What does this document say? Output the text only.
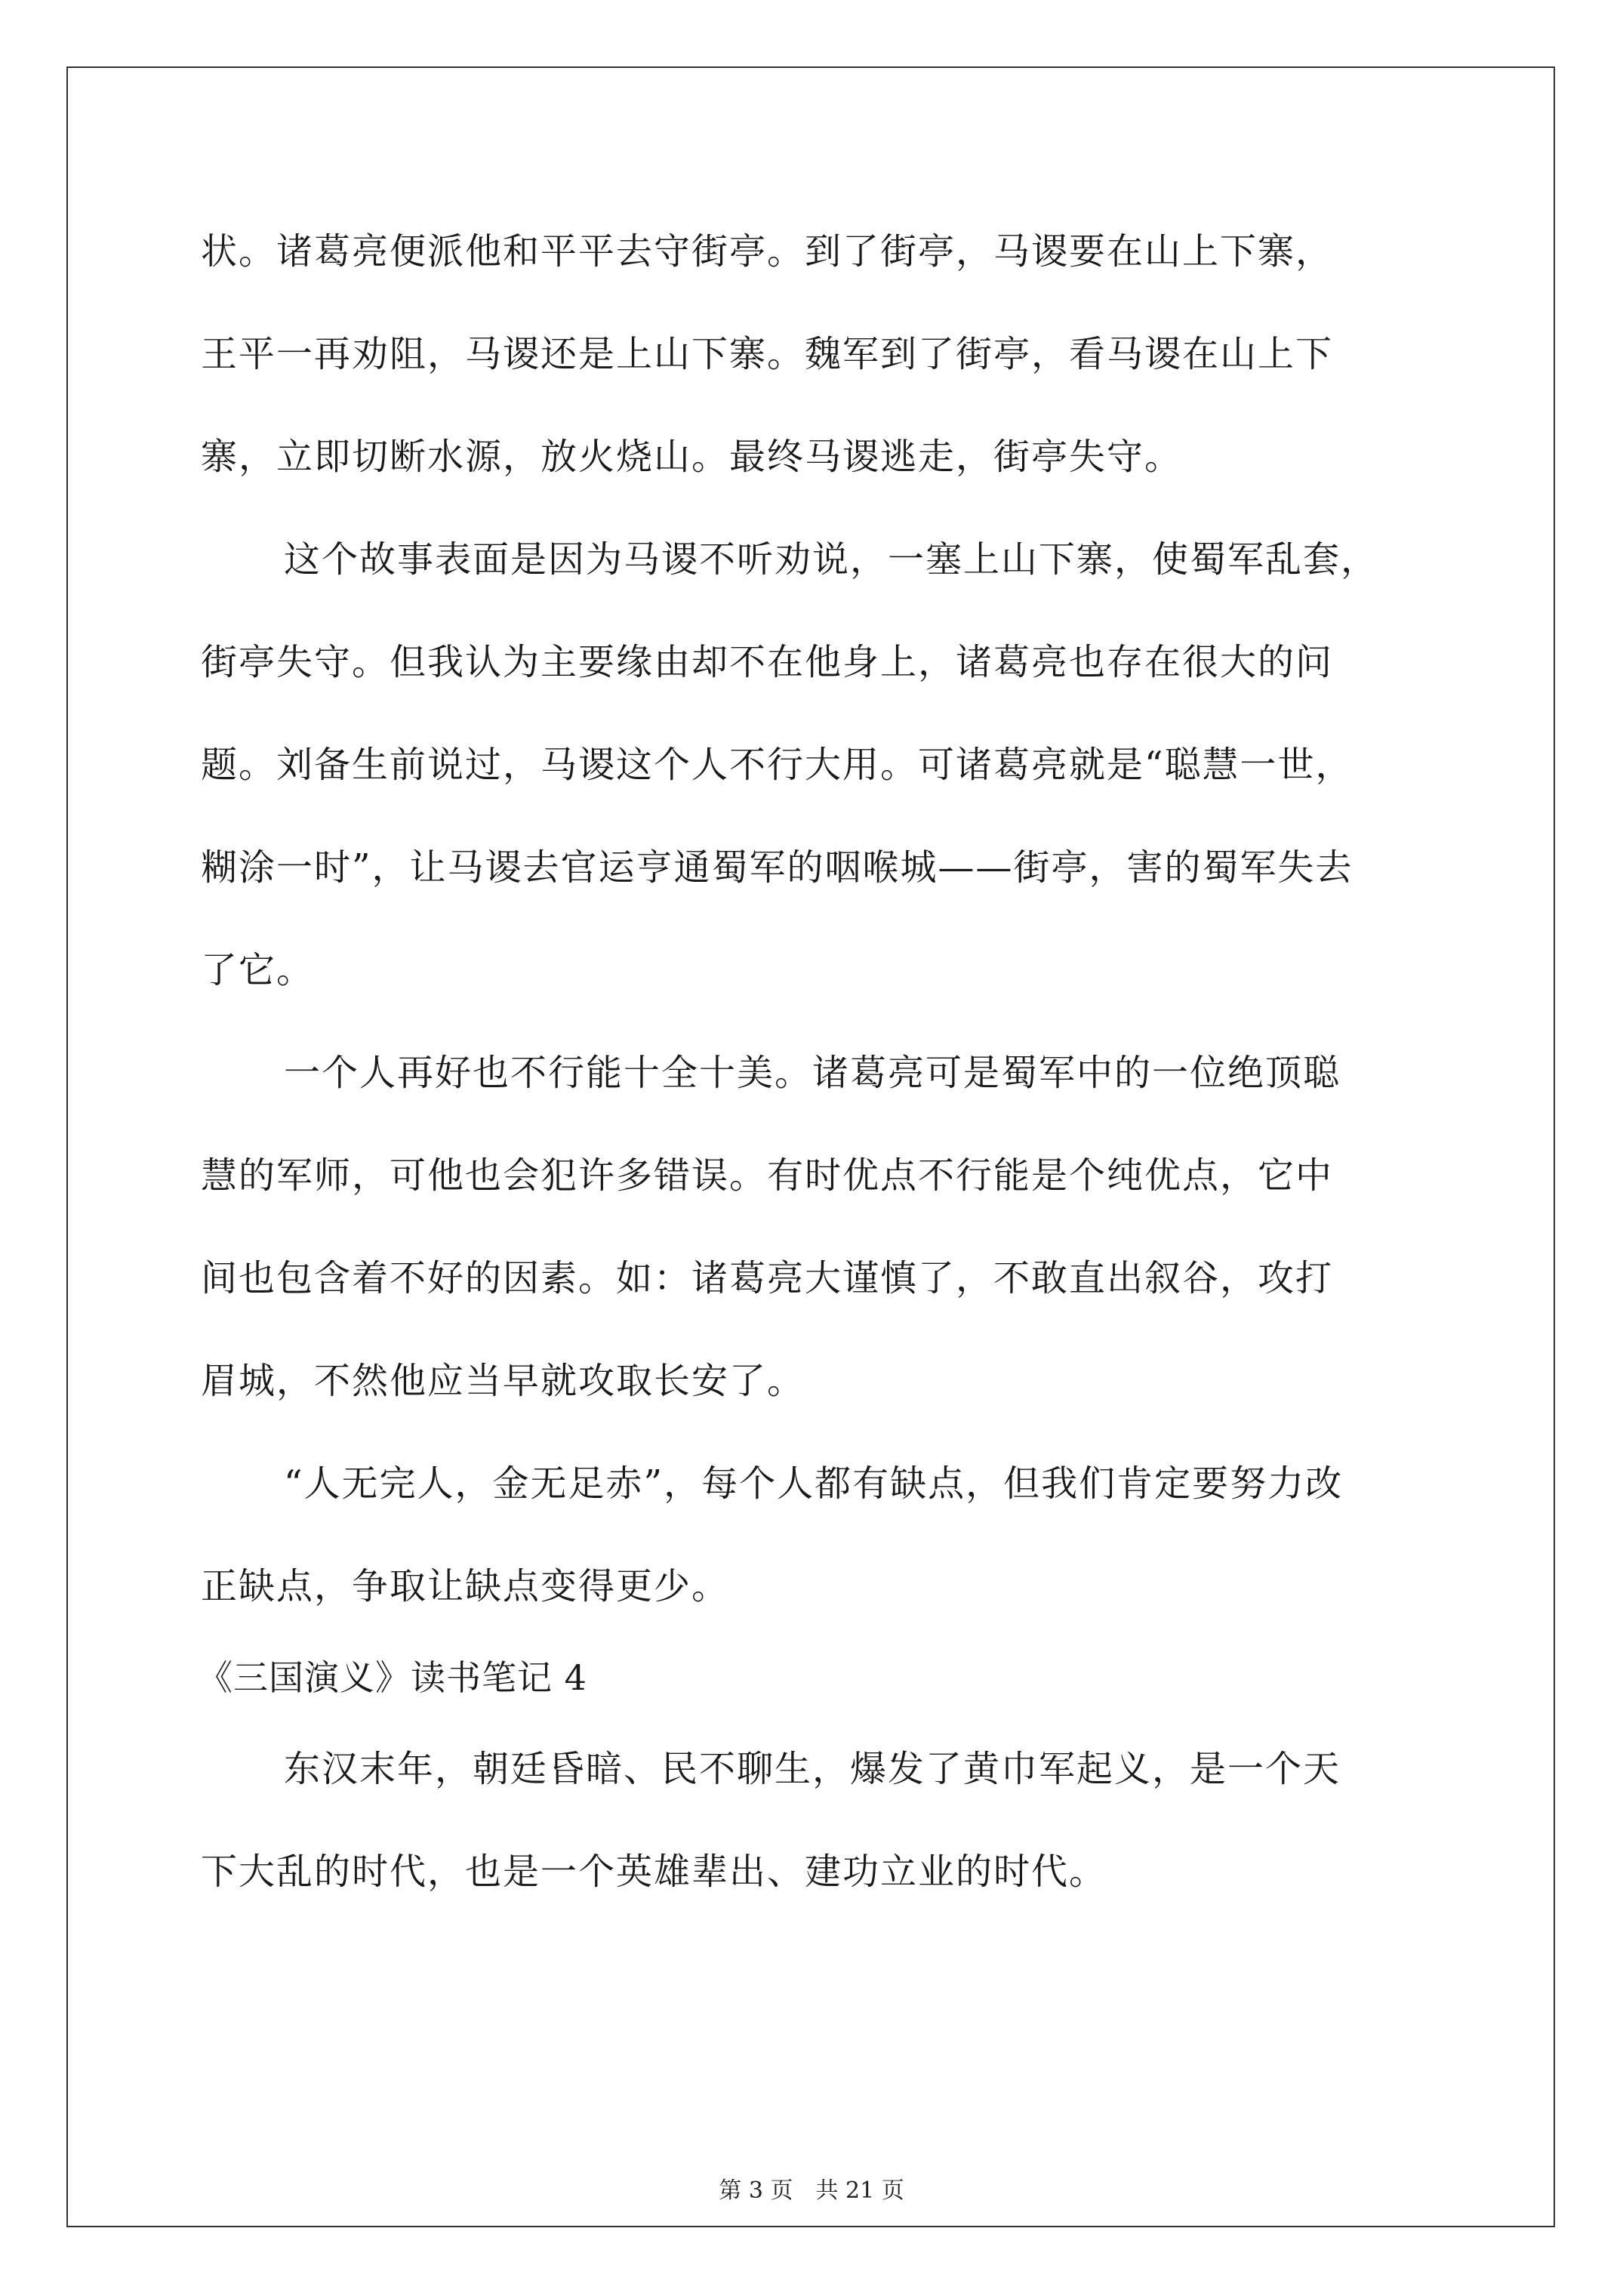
状。诸葛亮便派他和平平去守街亭。到了街亭，马谡要在山上下寨，
王平一再劝阻，马谡还是上山下寨。魏军到了街亭，看马谡在山上下
寨，立即切断水源，放火烧山。最终马谡逃走，街亭失守。
这个故事表面是因为马谡不听劝说，一塞上山下寨，使蜀军乱套，
街亭失守。但我认为主要缘由却不在他身上，诸葛亮也存在很大的问
题。刘备生前说过，马谡这个人不行大用。可诸葛亮就是“聪慧一世，
糊涂一时”，让马谡去官运亨通蜀军的咽喉城——街亭，害的蜀军失去
了它。
一个人再好也不行能十全十美。诸葛亮可是蜀军中的一位绝顶聪
慧的军师，可他也会犯许多错误。有时优点不行能是个纯优点，它中
间也包含着不好的因素。如：诸葛亮大谨慎了，不敢直出叙谷，攻打
眉城，不然他应当早就攻取长安了。
“人无完人，金无足赤”，每个人都有缺点，但我们肯定要努力改
正缺点，争取让缺点变得更少。
《三国演义》读书笔记 4
东汉末年，朝廷昏暗、民不聊生，爆发了黄巾军起义，是一个天
下大乱的时代，也是一个英雄辈出、建功立业的时代。
第 3 页　共 21 页
